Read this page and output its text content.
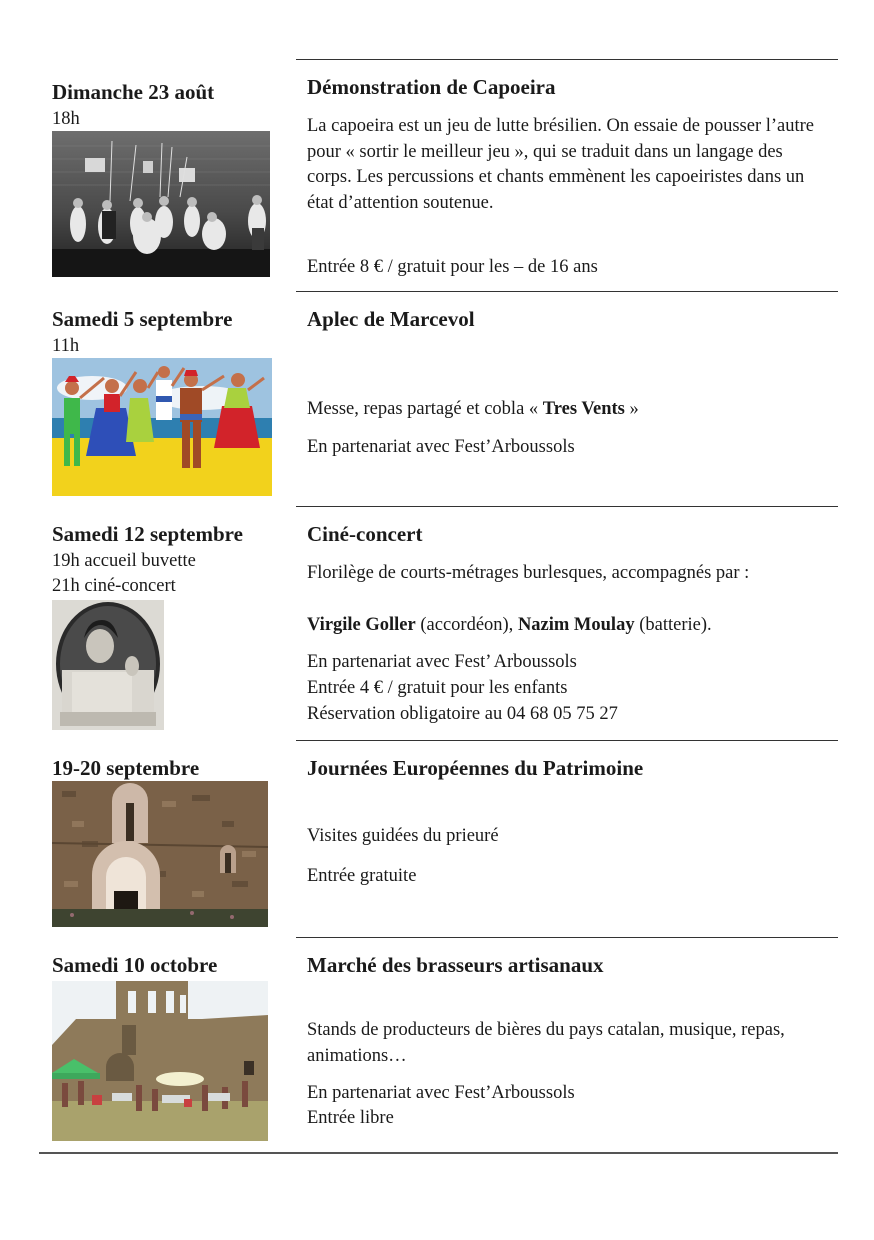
Dimanche 23 août
18h
Démonstration de Capoeira
La capoeira est un jeu de lutte brésilien. On essaie de pousser l’autre pour « sortir le meilleur jeu », qui se traduit dans un langage des corps. Les percussions et chants emmènent les capoeiristes dans un état d’attention soutenue.
Entrée 8 € / gratuit pour les – de 16 ans
Samedi 5 septembre
11h
Aplec de Marcevol
Messe, repas partagé et cobla « Tres Vents »
En partenariat avec Fest’Arboussols
Samedi 12 septembre
19h accueil buvette
21h ciné-concert
Ciné-concert
Florilège de courts-métrages burlesques, accompagnés par :
Virgile Goller (accordéon), Nazim Moulay (batterie).
En partenariat avec Fest’ Arboussols
Entrée 4 € / gratuit pour les enfants
Réservation obligatoire au 04 68 05 75 27
19-20 septembre	Journées Européennes du Patrimoine
Visites guidées du prieuré
Entrée gratuite
Samedi 10 octobre	Marché des brasseurs artisanaux
Stands de producteurs de bières du pays catalan, musique, repas, animations…
En partenariat avec Fest’Arboussols
Entrée libre
